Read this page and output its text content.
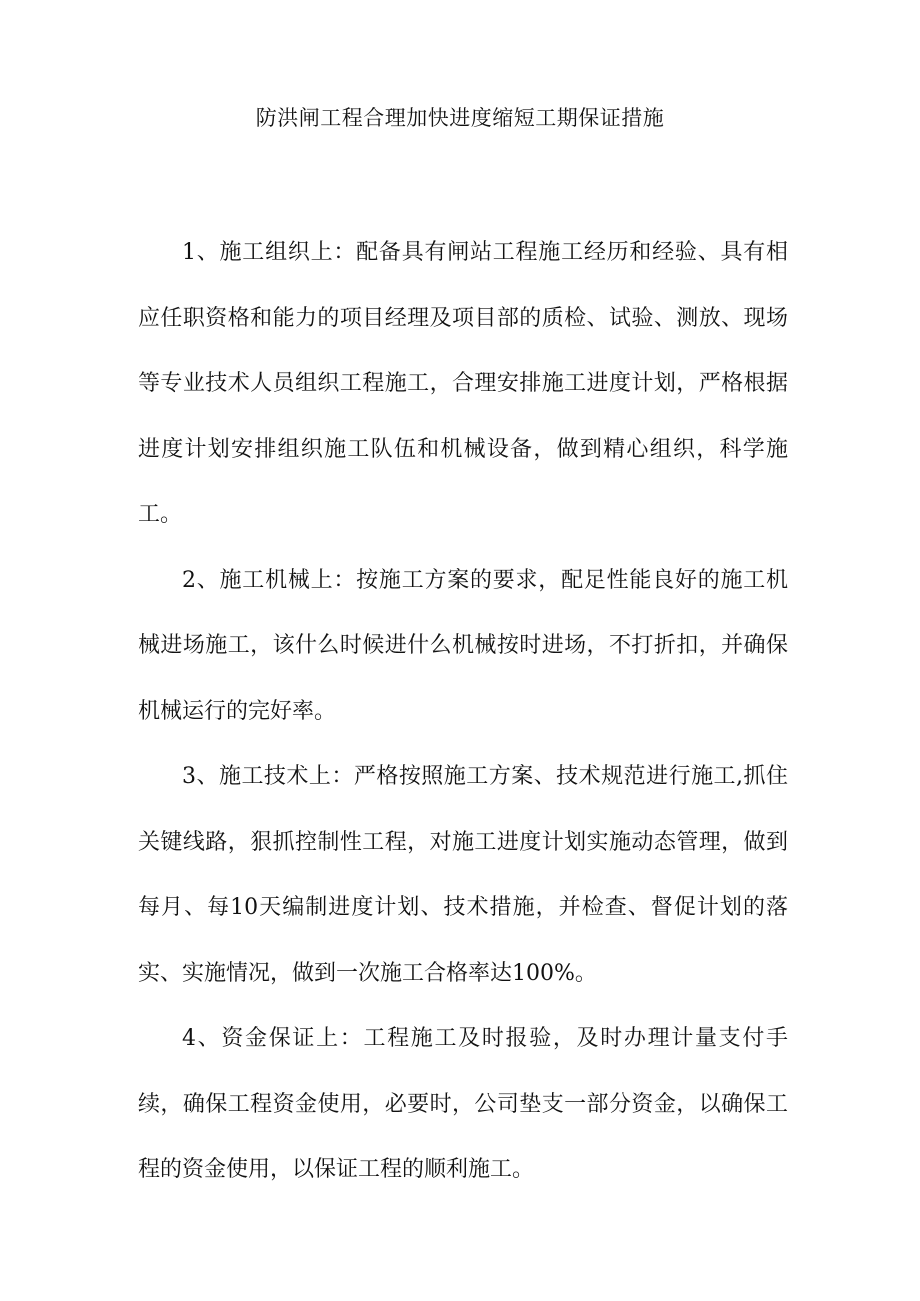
防洪闸工程合理加快进度缩短工期保证措施

1、施工组织上：配备具有闸站工程施工经历和经验、具有相应任职资格和能力的项目经理及项目部的质检、试验、测放、现场等专业技术人员组织工程施工，合理安排施工进度计划，严格根据进度计划安排组织施工队伍和机械设备，做到精心组织，科学施工。

2、施工机械上：按施工方案的要求，配足性能良好的施工机械进场施工，该什么时候进什么机械按时进场，不打折扣，并确保机械运行的完好率。

3、施工技术上：严格按照施工方案、技术规范进行施工,抓住关键线路，狠抓控制性工程，对施工进度计划实施动态管理，做到每月、每10天编制进度计划、技术措施，并检查、督促计划的落实、实施情况，做到一次施工合格率达100%。

4、资金保证上：工程施工及时报验，及时办理计量支付手续，确保工程资金使用，必要时，公司垫支一部分资金，以确保工程的资金使用，以保证工程的顺利施工。
